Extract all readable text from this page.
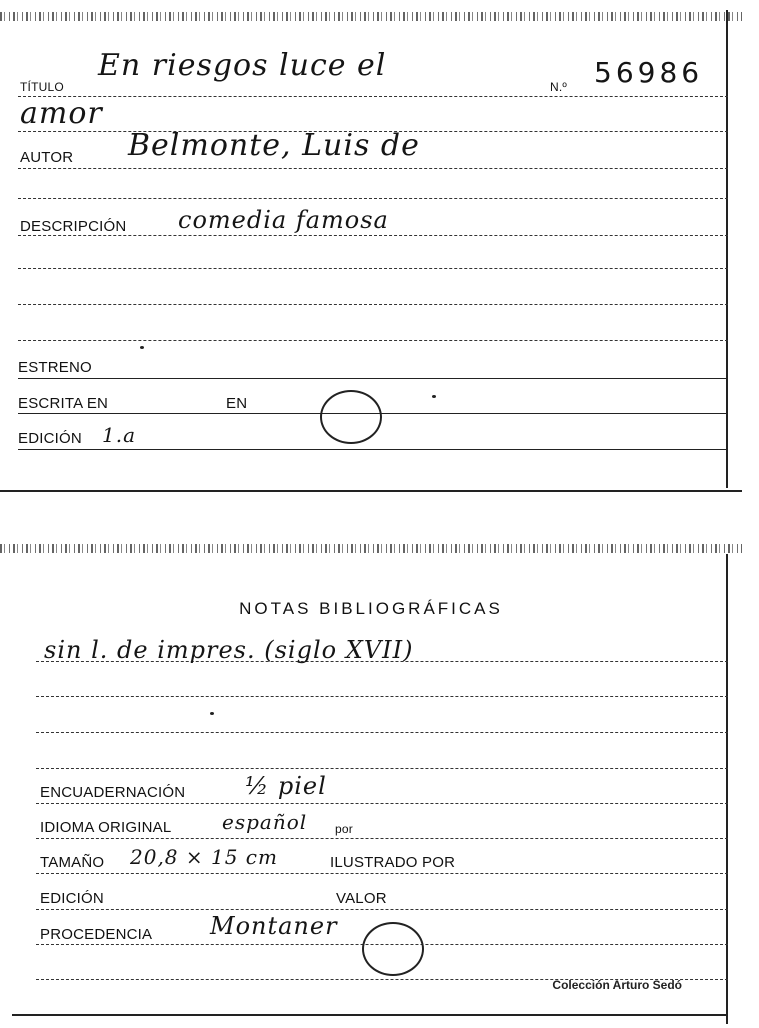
TÍTULO
En riesgos luce el
amor
N.º 56986
AUTOR Belmonte, Luis de
DESCRIPCIÓN comedia famosa
ESTRENO
ESCRITA EN	EN
EDICIÓN 1.a
NOTAS BIBLIOGRÁFICAS
sin l. de impres. (siglo XVII)
ENCUADERNACIÓN ½ piel
IDIOMA ORIGINAL	español por
TAMAÑO 20,8 × 15 cm	ILUSTRADO POR
EDICIÓN	VALOR
PROCEDENCIA Montaner
Colección Arturo Sedó
